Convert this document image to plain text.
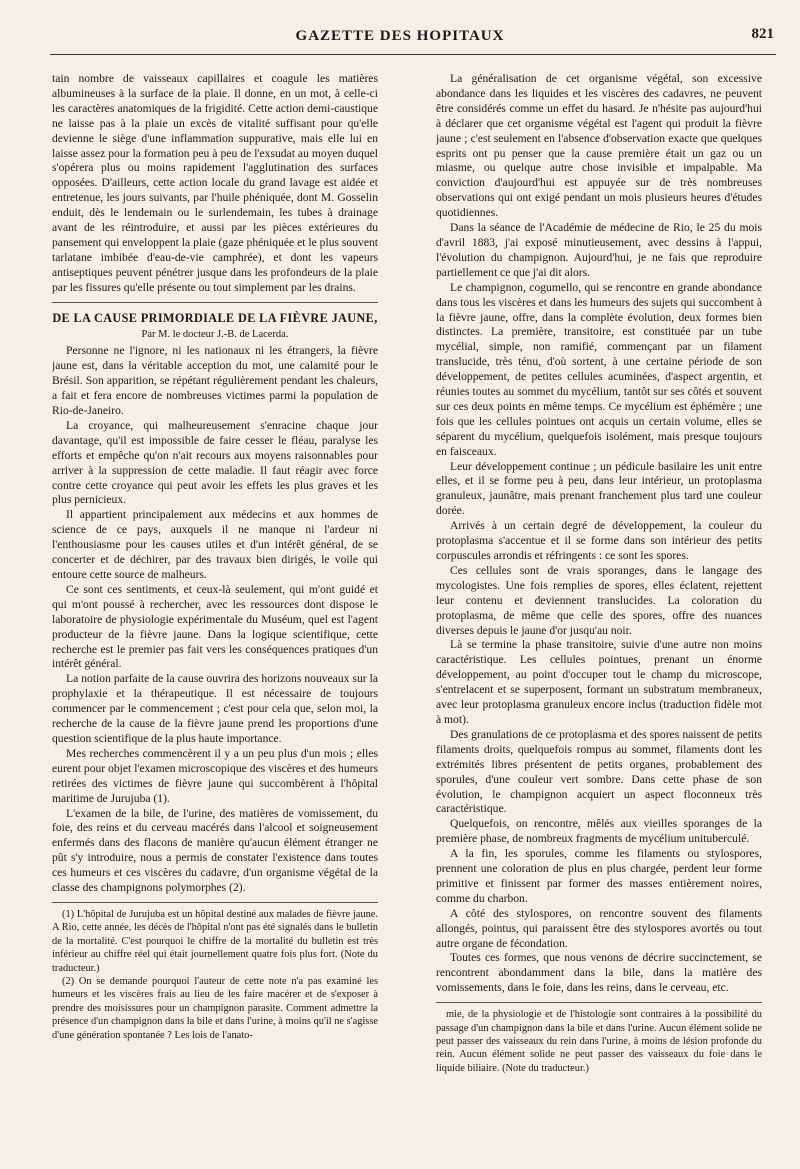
GAZETTE DES HOPITAUX	821

tain nombre de vaisseaux capillaires et coagule les matières albumineuses à la surface de la plaie. Il donne, en un mot, à celle-ci les caractères anatomiques de la frigidité. Cette action demi-caustique ne laisse pas à la plaie un excès de vitalité suffisant pour qu'elle devienne le siège d'une inflammation suppurative, mais elle lui en laisse assez pour la formation peu à peu de l'exsudat au moyen duquel s'opérera plus ou moins rapidement l'agglutination des surfaces opposées. D'ailleurs, cette action locale du grand lavage est aidée et entretenue, les jours suivants, par l'huile phéniquée, dont M. Gosselin enduit, dès le lendemain ou le surlendemain, les tubes à drainage avant de les réintroduire, et aussi par les pièces extérieures du pansement qui enveloppent la plaie (gaze phéniquée et le plus souvent tarlatane imbibée d'eau-de-vie camphrée), et dont les vapeurs antiseptiques peuvent pénétrer jusque dans les profondeurs de la plaie par les fissures qu'elle présente ou tout simplement par les drains.

DE LA CAUSE PRIMORDIALE DE LA FIÈVRE JAUNE,
Par M. le docteur J.-B. de Lacerda.

Personne ne l'ignore, ni les nationaux ni les étrangers, la fièvre jaune est, dans la véritable acception du mot, une calamité pour le Brésil. Son apparition, se répétant régulièrement pendant les chaleurs, a fait et fera encore de nombreuses victimes parmi la population de Rio-de-Janeiro.

La croyance, qui malheureusement s'enracine chaque jour davantage, qu'il est impossible de faire cesser le fléau, paralyse les efforts et empêche qu'on n'ait recours aux moyens raisonnables pour arriver à la suppression de cette maladie. Il faut réagir avec force contre cette croyance qui peut avoir les effets les plus graves et les plus pernicieux.

Il appartient principalement aux médecins et aux hommes de science de ce pays, auxquels il ne manque ni l'ardeur ni l'enthousiasme pour les causes utiles et d'un intérêt général, de se concerter et de déchirer, par des travaux bien dirigés, le voile qui entoure cette source de malheurs.

Ce sont ces sentiments, et ceux-là seulement, qui m'ont guidé et qui m'ont poussé à rechercher, avec les ressources dont dispose le laboratoire de physiologie expérimentale du Muséum, quel est l'agent producteur de la fièvre jaune. Dans la logique scientifique, cette recherche est le premier pas fait vers les conséquences pratiques d'un intérêt général.

La notion parfaite de la cause ouvrira des horizons nouveaux sur la prophylaxie et la thérapeutique. Il est nécessaire de toujours commencer par le commencement ; c'est pour cela que, selon moi, la recherche de la cause de la fièvre jaune prend les proportions d'une question scientifique de la plus haute importance.

Mes recherches commencèrent il y a un peu plus d'un mois ; elles eurent pour objet l'examen microscopique des viscères et des humeurs retirées des victimes de fièvre jaune qui succombèrent à l'hôpital maritime de Jurujuba (1).

L'examen de la bile, de l'urine, des matières de vomissement, du foie, des reins et du cerveau macérés dans l'alcool et soigneusement enfermés dans des flacons de manière qu'aucun élément étranger ne pût s'y introduire, nous a permis de constater l'existence dans toutes ces humeurs et ces viscères du cadavre, d'un organisme végétal de la classe des champignons polymorphes (2).

(1) L'hôpital de Jurujuba est un hôpital destiné aux malades de fièvre jaune. A Rio, cette année, les décès de l'hôpital n'ont pas été signalés dans le bulletin de la mortalité. C'est pourquoi le chiffre de la mortalité du bulletin est très inférieur au chiffre réel qui était journellement quatre fois plus fort. (Note du traducteur.)

(2) On se demande pourquoi l'auteur de cette note n'a pas examiné les humeurs et les viscères frais au lieu de les faire macérer et de s'exposer à prendre des moisissures pour un champignon parasite. Comment admettre la présence d'un champignon dans la bile et dans l'urine, à moins qu'il ne s'agisse d'une génération spontanée ? Les lois de l'anato-

La généralisation de cet organisme végétal, son excessive abondance dans les liquides et les viscères des cadavres, ne peuvent être considérés comme un effet du hasard. Je n'hésite pas aujourd'hui à déclarer que cet organisme végétal est l'agent qui produit la fièvre jaune ; c'est seulement en l'absence d'observation exacte que quelques esprits ont pu penser que la cause première était un gaz ou un miasme, ou quelque autre chose invisible et impalpable. Ma conviction d'aujourd'hui est appuyée sur de très nombreuses observations qui ont exigé pendant un mois plusieurs heures d'études quotidiennes.

Dans la séance de l'Académie de médecine de Rio, le 25 du mois d'avril 1883, j'ai exposé minutieusement, avec dessins à l'appui, l'évolution du champignon. Aujourd'hui, je ne fais que reproduire partiellement ce que j'ai dit alors.

Le champignon, cogumello, qui se rencontre en grande abondance dans tous les viscères et dans les humeurs des sujets qui succombent à la fièvre jaune, offre, dans la complète évolution, deux formes bien distinctes. La première, transitoire, est constituée par un tube mycélial, simple, non ramifié, commençant par un filament translucide, très ténu, d'où sortent, à une certaine période de son développement, de petites cellules acuminées, d'aspect argentin, et réunies toutes au sommet du mycélium, tantôt sur ses côtés et souvent sur ces deux points en même temps. Ce mycélium est éphémère ; une fois que les cellules pointues ont acquis un certain volume, elles se séparent du mycélium, quelquefois isolément, mais presque toujours en faisceaux.

Leur développement continue ; un pédicule basilaire les unit entre elles, et il se forme peu à peu, dans leur intérieur, un protoplasma granuleux, jaunâtre, mais prenant franchement plus tard une couleur dorée.

Arrivés à un certain degré de développement, la couleur du protoplasma s'accentue et il se forme dans son intérieur des petits corpuscules arrondis et réfringents : ce sont les spores.

Ces cellules sont de vrais sporanges, dans le langage des mycologistes. Une fois remplies de spores, elles éclatent, rejettent leur contenu et deviennent translucides. La coloration du protoplasma, de même que celle des spores, offre des nuances diverses depuis le jaune d'or jusqu'au noir.

Là se termine la phase transitoire, suivie d'une autre non moins caractéristique. Les cellules pointues, prenant un énorme développement, au point d'occuper tout le champ du microscope, s'entrelacent et se superposent, formant un substratum membraneux, avec leur protoplasma granuleux encore inclus (traduction fidèle mot à mot).

Des granulations de ce protoplasma et des spores naissent de petits filaments droits, quelquefois rompus au sommet, filaments dont les extrémités libres présentent de petits organes, probablement des sporules, d'une couleur vert sombre. Dans cette phase de son évolution, le champignon acquiert un aspect floconneux très caractéristique.

Quelquefois, on rencontre, mêlés aux vieilles sporanges de la première phase, de nombreux fragments de mycélium unituberculé.

A la fin, les sporules, comme les filaments ou stylospores, prennent une coloration de plus en plus chargée, perdent leur forme primitive et finissent par former des masses entièrement noires, comme du charbon.

A côté des stylospores, on rencontre souvent des filaments allongés, pointus, qui paraissent être des stylospores avortés ou tout autre organe de fécondation.

Toutes ces formes, que nous venons de décrire succinctement, se rencontrent abondamment dans la bile, dans la matière des vomissements, dans le foie, dans les reins, dans le cerveau, etc.

mie, de la physiologie et de l'histologie sont contraires à la possibilité du passage d'un champignon dans la bile et dans l'urine. Aucun élément solide ne peut passer des vaisseaux du rein dans l'urine, à moins de lésion profonde du rein. Aucun élément solide ne peut passer des vaisseaux du foie dans le liquide biliaire. (Note du traducteur.)
